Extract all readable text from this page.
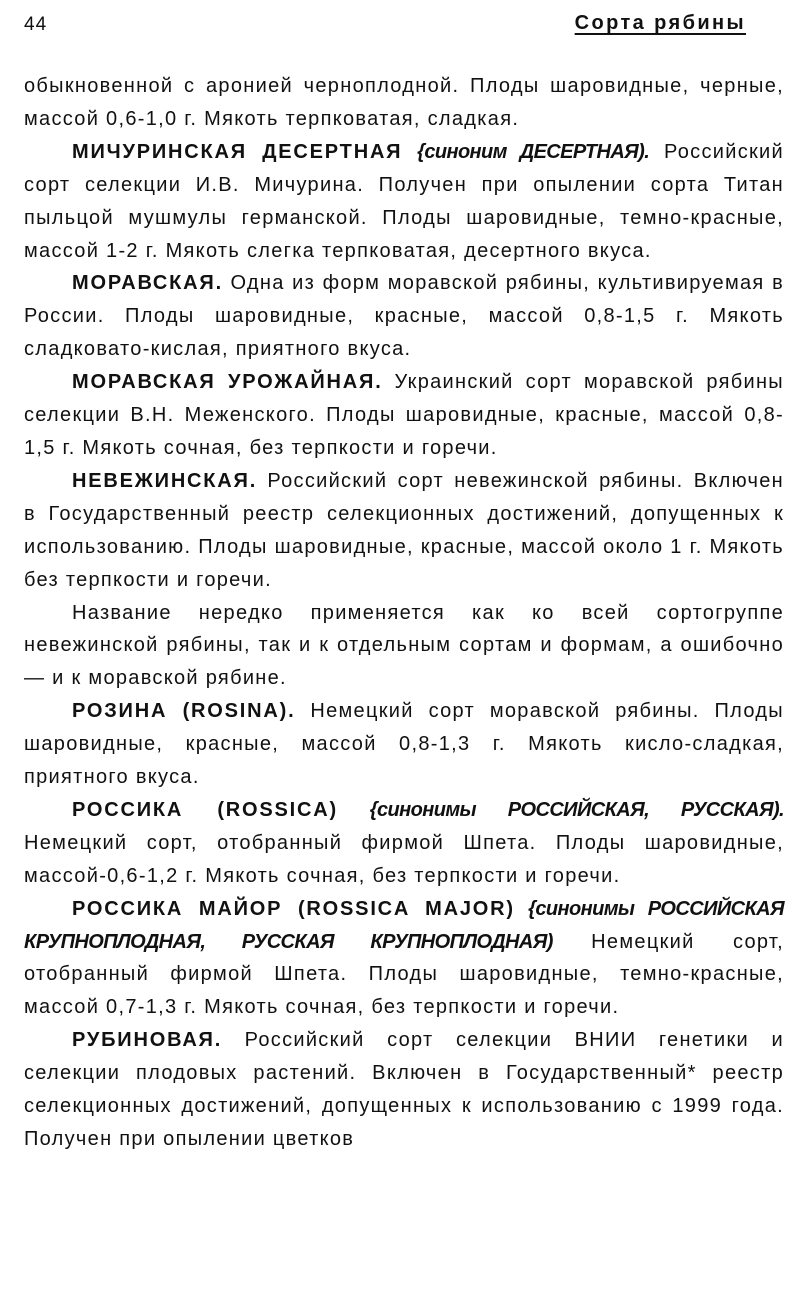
44	Сорта рябины

обыкновенной с аронией черноплодной. Плоды шаровидные, черные, массой 0,6-1,0 г. Мякоть терпковатая, сладкая.

МИЧУРИНСКАЯ ДЕСЕРТНАЯ {синоним ДЕСЕРТНАЯ). Российский сорт селекции И.В. Мичурина. Получен при опылении сорта Титан пыльцой мушмулы германской. Плоды шаровидные, темно-красные, массой 1-2 г. Мякоть слегка терпковатая, десертного вкуса.

МОРАВСКАЯ. Одна из форм моравской рябины, культивируемая в России. Плоды шаровидные, красные, массой 0,8-1,5 г. Мякоть сладковато-кислая, приятного вкуса.

МОРАВСКАЯ УРОЖАЙНАЯ. Украинский сорт моравской рябины селекции В.Н. Меженского. Плоды шаровидные, красные, массой 0,8-1,5 г. Мякоть сочная, без терпкости и горечи.

НЕВЕЖИНСКАЯ. Российский сорт невежинской рябины. Включен в Государственный реестр селекционных достижений, допущенных к использованию. Плоды шаровидные, красные, массой около 1 г. Мякоть без терпкости и горечи.

Название нередко применяется как ко всей сортогруппе невежинской рябины, так и к отдельным сортам и формам, а ошибочно — и к моравской рябине.

РОЗИНА (ROSINA). Немецкий сорт моравской рябины. Плоды шаровидные, красные, массой 0,8-1,3 г. Мякоть кисло-сладкая, приятного вкуса.

РОССИКА (ROSSICA) {синонимы РОССИЙСКАЯ, РУССКАЯ). Немецкий сорт, отобранный фирмой Шпета. Плоды шаровидные, массой-0,6-1,2 г. Мякоть сочная, без терпкости и горечи.

РОССИКА МАЙОР (ROSSICA MAJOR) {синонимы РОССИЙСКАЯ КРУПНОПЛОДНАЯ, РУССКАЯ КРУПНОПЛОДНАЯ) Немецкий сорт, отобранный фирмой Шпета. Плоды шаровидные, темно-красные, массой 0,7-1,3 г. Мякоть сочная, без терпкости и горечи.

РУБИНОВАЯ. Российский сорт селекции ВНИИ генетики и селекции плодовых растений. Включен в Государственный* реестр селекционных достижений, допущенных к использованию с 1999 года. Получен при опылении цветков
